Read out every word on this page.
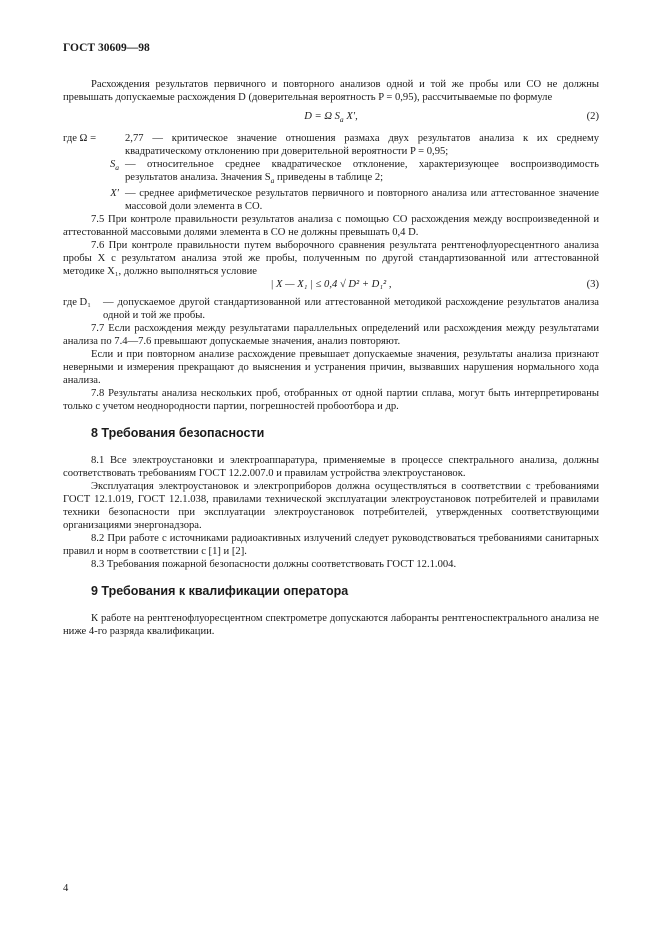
ГОСТ 30609—98

Расхождения результатов первичного и повторного анализов одной и той же пробы или СО не должны превышать допускаемые расхождения D (доверительная вероятность P = 0,95), рассчитываемые по формуле

D = Ω $S_a$ X′,	(2)
где Ω =	2,77 — критическое значение отношения размаха двух результатов анализа к их среднему квадратическому отклонению при доверительной вероятности P = 0,95;
$S_a$ — относительное среднее квадратическое отклонение, характеризующее воспроизводимость результатов анализа. Значения $S_a$ приведены в таблице 2;
X′ — среднее арифметическое результатов первичного и повторного анализа или аттестованное значение массовой доли элемента в СО.

7.5 При контроле правильности результатов анализа с помощью СО расхождения между воспроизведенной и аттестованной массовыми долями элемента в СО не должны превышать 0,4 D.

7.6 При контроле правильности путем выборочного сравнения результата рентгенофлуоресцентного анализа пробы X с результатом анализа этой же пробы, полученным по другой стандартизованной или аттестованной методике X₁, должно выполняться условие

| X — X₁ | ≤ 0,4 √ D² + D₁² ,	(3)
где D₁	— допускаемое другой стандартизованной или аттестованной методикой расхождение результатов анализа одной и той же пробы.

7.7 Если расхождения между результатами параллельных определений или расхождения между результатами анализа по 7.4—7.6 превышают допускаемые значения, анализ повторяют.

Если и при повторном анализе расхождение превышает допускаемые значения, результаты анализа признают неверными и измерения прекращают до выяснения и устранения причин, вызвавших нарушения нормального хода анализа.

7.8 Результаты анализа нескольких проб, отобранных от одной партии сплава, могут быть интерпретированы только с учетом неоднородности партии, погрешностей пробоотбора и др.

8 Требования безопасности

8.1 Все электроустановки и электроаппаратура, применяемые в процессе спектрального анализа, должны соответствовать требованиям ГОСТ 12.2.007.0 и правилам устройства электроустановок.

Эксплуатация электроустановок и электроприборов должна осуществляться в соответствии с требованиями ГОСТ 12.1.019, ГОСТ 12.1.038, правилами технической эксплуатации электроустановок потребителей и правилами техники безопасности при эксплуатации электроустановок потребителей, утвержденных соответствующими организациями энергонадзора.

8.2 При работе с источниками радиоактивных излучений следует руководствоваться требованиями санитарных правил и норм в соответствии с [1] и [2].

8.3 Требования пожарной безопасности должны соответствовать ГОСТ 12.1.004.

9 Требования к квалификации оператора

К работе на рентгенофлуоресцентном спектрометре допускаются лаборанты рентгеноспектрального анализа не ниже 4-го разряда квалификации.

4
